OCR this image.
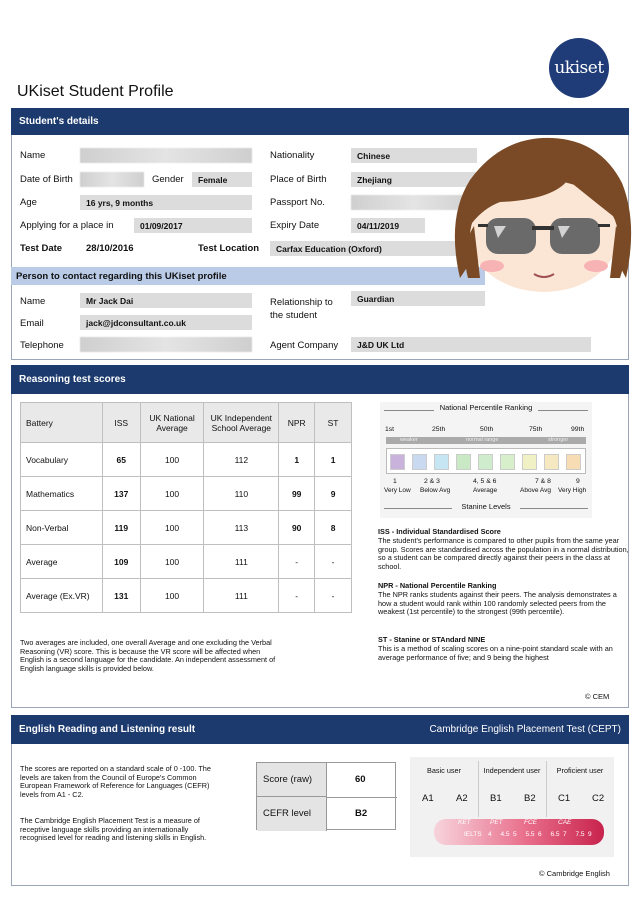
UKiset Student Profile
ukiset
Student's details
Name
Date of Birth	Gender	Female
Age	16 yrs, 9 months
Applying for a place in	01/09/2017
Test Date	28/10/2016	Test Location	Carfax Education (Oxford)
Nationality	Chinese
Place of Birth	Zhejiang
Passport No.
Expiry Date	04/11/2019
Person to contact regarding this UKiset profile
Name	Mr Jack Dai
Email	jack@jdconsultant.co.uk
Telephone
Relationship to
the student
Guardian
Agent Company	J&D UK Ltd
Reasoning test scores
Battery	ISS	UK National Average	UK Independent School Average	NPR	ST
Vocabulary	65	100	112	1	1
Mathematics	137	100	110	99	9
Non-Verbal	119	100	113	90	8
Average	109	100	111	-	-
Average (Ex.VR)	131	100	111	-	-
Two averages are included, one overall Average and one excluding the Verbal Reasoning (VR) score. This is because the VR score will be affected when English is a second language for the candidate. An independent assessment of English language skills is provided below.
National Percentile Ranking
1st	25th	50th	75th	99th
weaker	normal range	stronger
1	2 & 3	4, 5 & 6	7 & 8	9
Very Low Below Avg	Average	Above Avg Very High
Stanine Levels
ISS - Individual Standardised Score
The student's performance is compared to other pupils from the same year group. Scores are standardised across the population in a normal distribution, so a student can be compared directly against their peers in the class at school.
NPR - National Percentile Ranking
The NPR ranks students against their peers. The analysis demonstrates a how a student would rank within 100 randomly selected peers from the weakest (1st percentile) to the strongest (99th percentile).
ST - Stanine or STAndard NINE
This is a method of scaling scores on a nine-point standard scale with an average performance of five; and 9 being the highest
© CEM
English Reading and Listening result	Cambridge English Placement Test (CEPT)
The scores are reported on a standard scale of 0 -100. The levels are taken from the Council of Europe's Common European Framework of Reference for Languages (CEFR) levels from A1 - C2.
The Cambridge English Placement Test is a measure of receptive language skills providing an internationally recognised level for reading and listening skills in English.
Score (raw)	60
CEFR level	B2
Basic user	Independent user	Proficient user
A1 A2 B1 B2 C1 C2
KET	PET	FCE	CAE
IELTS 4 4.5 5 5.5 6 6.5 7 7.5 9
© Cambridge English
